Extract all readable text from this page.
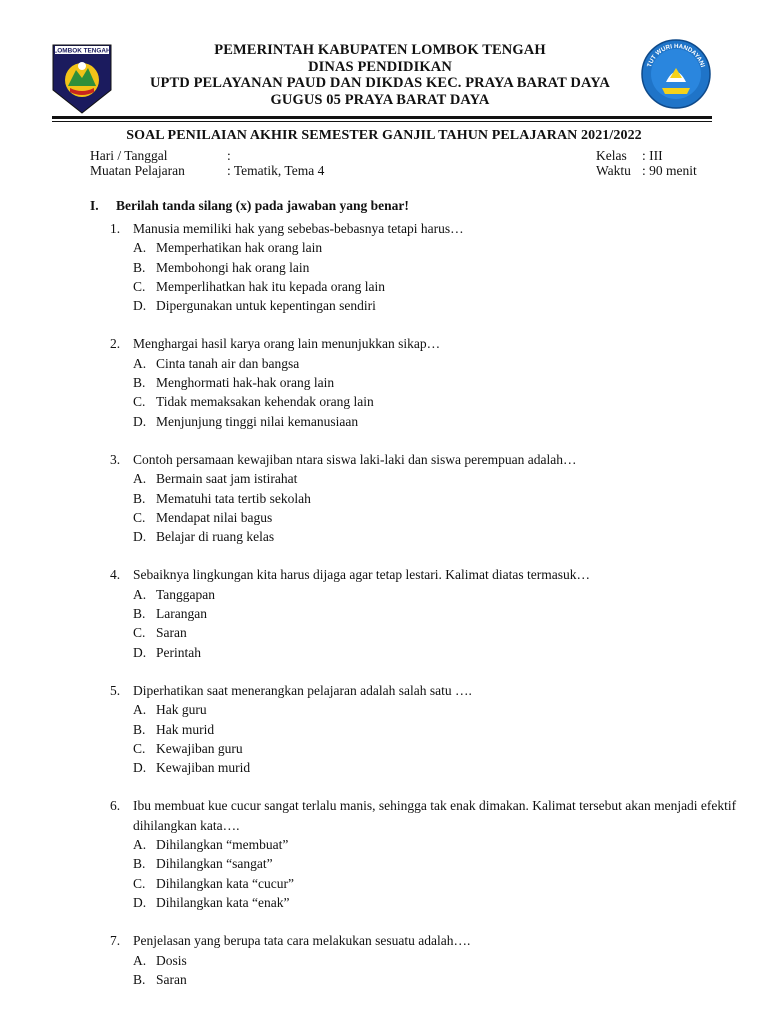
LOMBOK TENGAH
TUT WURI HANDAYANI
PEMERINTAH KABUPATEN LOMBOK TENGAH
DINAS PENDIDIKAN
UPTD PELAYANAN PAUD DAN DIKDAS KEC. PRAYA BARAT DAYA
GUGUS 05 PRAYA BARAT DAYA
SOAL PENILAIAN AKHIR SEMESTER GANJIL TAHUN PELAJARAN 2021/2022
Hari / Tanggal	:
Muatan Pelajaran	: Tematik, Tema 4
Kelas : III
Waktu : 90 menit
I. Berilah tanda silang (x) pada jawaban yang benar!
1. Manusia memiliki hak yang sebebas-bebasnya tetapi harus…
A. Memperhatikan hak orang lain
B. Membohongi hak orang lain
C. Memperlihatkan hak itu kepada orang lain
D. Dipergunakan untuk kepentingan sendiri
2. Menghargai hasil karya orang lain menunjukkan sikap…
A. Cinta tanah air dan bangsa
B. Menghormati hak-hak orang lain
C. Tidak memaksakan kehendak orang lain
D. Menjunjung tinggi nilai kemanusiaan
3. Contoh persamaan kewajiban ntara siswa laki-laki dan siswa perempuan adalah…
A. Bermain saat jam istirahat
B. Mematuhi tata tertib sekolah
C. Mendapat nilai bagus
D. Belajar di ruang kelas
4. Sebaiknya lingkungan kita harus dijaga agar tetap lestari. Kalimat diatas termasuk…
A. Tanggapan
B. Larangan
C. Saran
D. Perintah
5. Diperhatikan saat menerangkan pelajaran adalah salah satu ….
A. Hak guru
B. Hak murid
C. Kewajiban guru
D. Kewajiban murid
6. Ibu membuat kue cucur sangat terlalu manis, sehingga tak enak dimakan. Kalimat tersebut akan menjadi efektif dihilangkan kata….
A. Dihilangkan “membuat”
B. Dihilangkan “sangat”
C. Dihilangkan kata “cucur”
D. Dihilangkan kata “enak”
7. Penjelasan yang berupa tata cara melakukan sesuatu adalah….
A. Dosis
B. Saran
